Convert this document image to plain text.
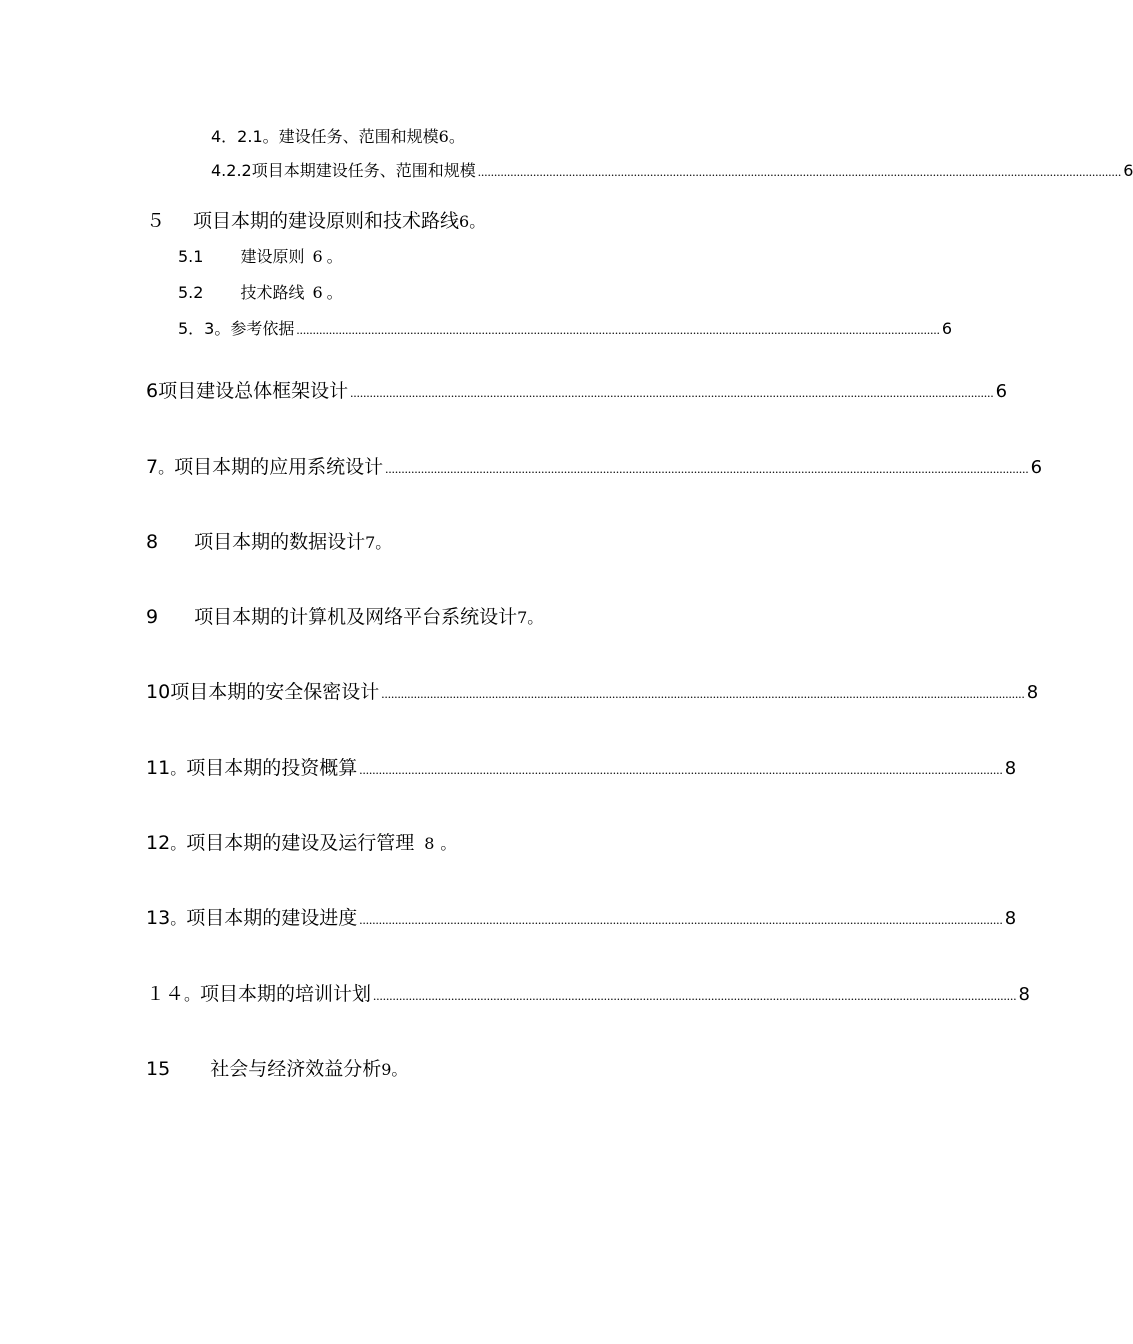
4．2.1 。 建设任务、范围和规模 6 。
4.2.2 项目本期建设任务、范围和规模 ...................................................................................................................................................................................................... 6
５ 项目本期的建设原则和技术路线 6 。
5.1 建设原则 6 。
5.2 技术路线 6 。
5．3 。 参考依据 ...................................................................................................................................................................................................... 6
6 项目建设总体框架设计 ...................................................................................................................................................................................................... 6
7 。 项目本期的应用系统设计 ...................................................................................................................................................................................................... 6
8 项目本期的数据设计 7 。
9 项目本期的计算机及网络平台系统设计 7 。
10 项目本期的安全保密设计 ...................................................................................................................................................................................................... 8
11 。 项目本期的投资概算 ...................................................................................................................................................................................................... 8
12 。 项目本期的建设及运行管理 8 。
13 。 项目本期的建设进度 ...................................................................................................................................................................................................... 8
１４ 。 项目本期的培训计划 ...................................................................................................................................................................................................... 8
15 社会与经济效益分析 9 。
